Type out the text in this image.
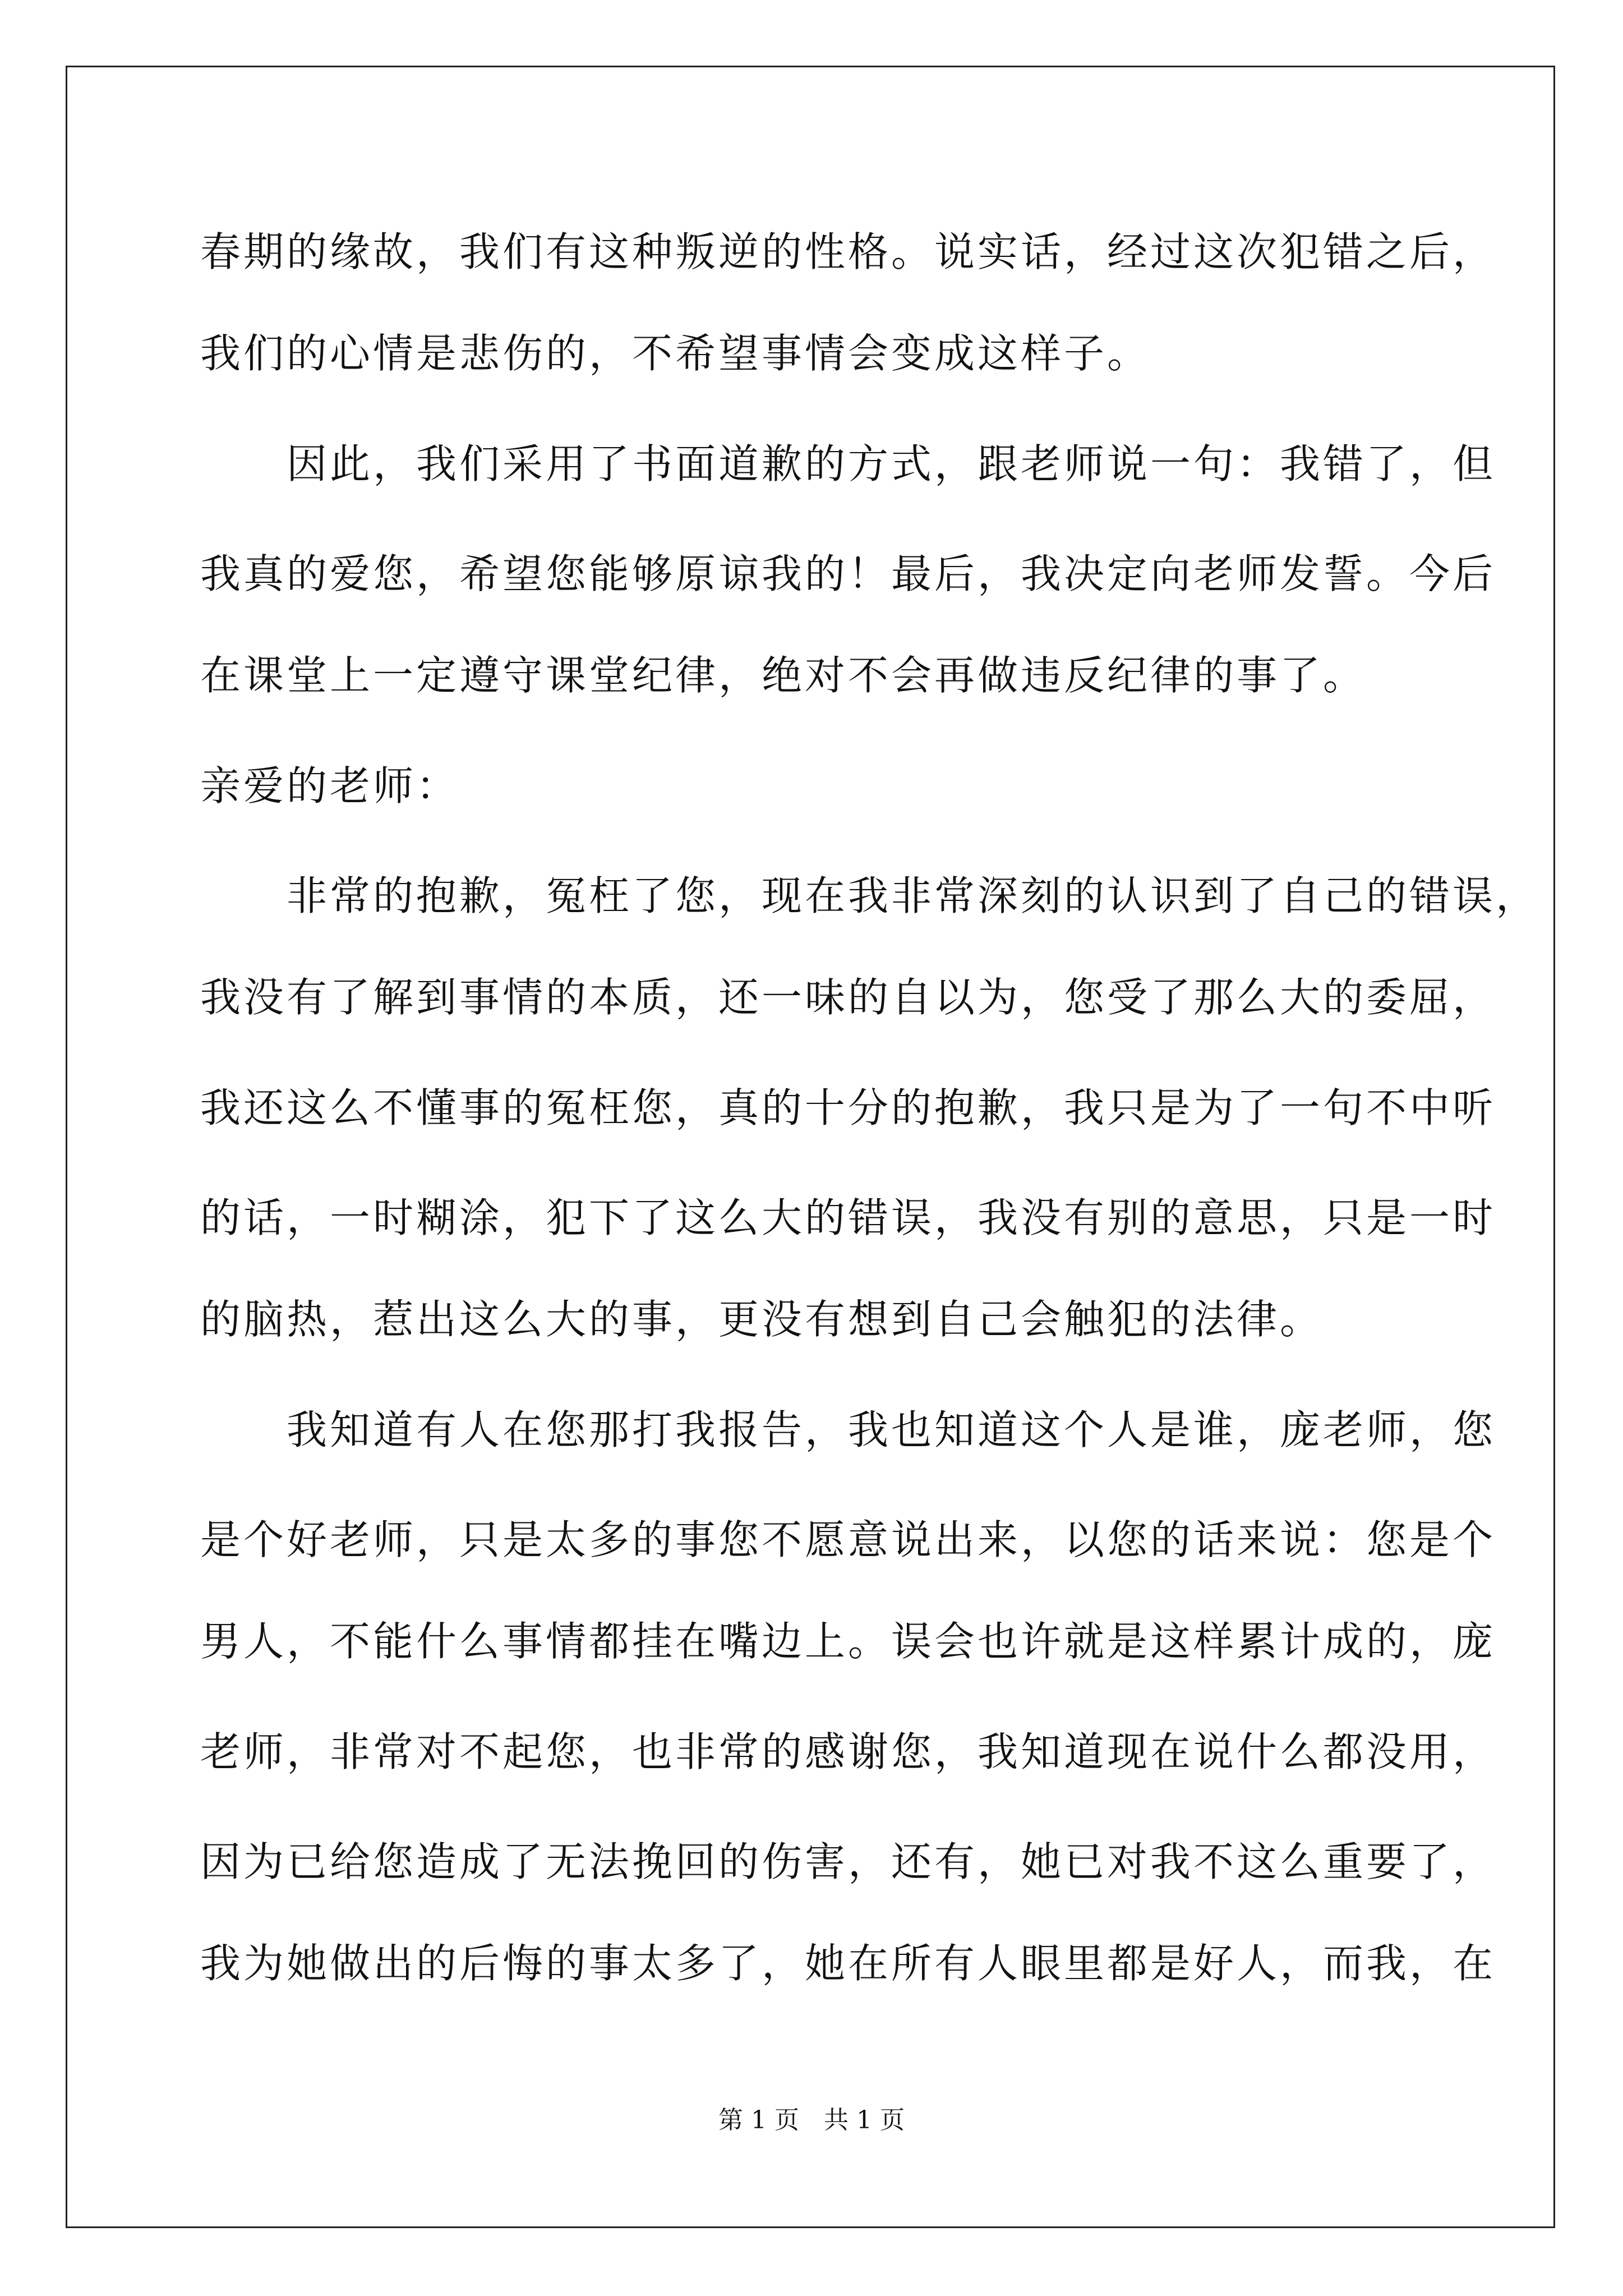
春期的缘故，我们有这种叛逆的性格。说实话，经过这次犯错之后，
我们的心情是悲伤的，不希望事情会变成这样子。
　　因此，我们采用了书面道歉的方式，跟老师说一句：我错了，但
我真的爱您，希望您能够原谅我的！最后，我决定向老师发誓。今后
在课堂上一定遵守课堂纪律，绝对不会再做违反纪律的事了。
亲爱的老师：
　　非常的抱歉，冤枉了您，现在我非常深刻的认识到了自己的错误，
我没有了解到事情的本质，还一味的自以为，您受了那么大的委屈，
我还这么不懂事的冤枉您，真的十分的抱歉，我只是为了一句不中听
的话，一时糊涂，犯下了这么大的错误，我没有别的意思，只是一时
的脑热，惹出这么大的事，更没有想到自己会触犯的法律。
　　我知道有人在您那打我报告，我也知道这个人是谁，庞老师，您
是个好老师，只是太多的事您不愿意说出来，以您的话来说：您是个
男人，不能什么事情都挂在嘴边上。误会也许就是这样累计成的，庞
老师，非常对不起您，也非常的感谢您，我知道现在说什么都没用，
因为已给您造成了无法挽回的伤害，还有，她已对我不这么重要了，
我为她做出的后悔的事太多了，她在所有人眼里都是好人，而我，在
第 1 页　共 1 页
